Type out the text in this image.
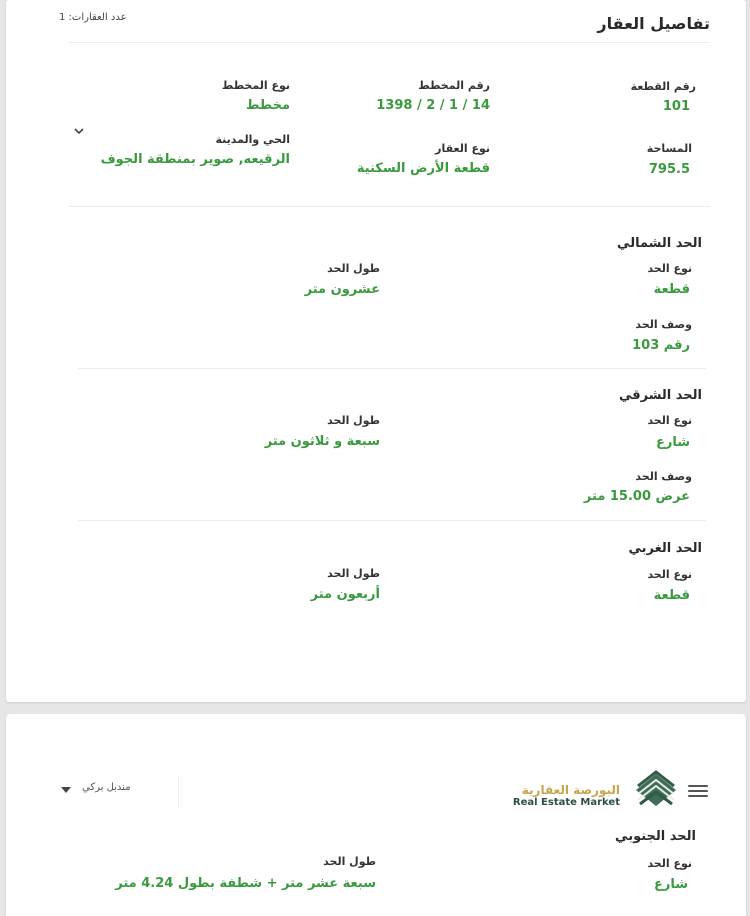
تفاصيل العقار
عدد العقارات: 1
رقم القطعة
101
رقم المخطط
1398 / 2 / 1 / 14
نوع المخطط
مخطط
المساحة
795.5
نوع العقار
قطعة الأرض السكنية
الحي والمدينة
الرقيعه, صوير بمنطقة الجوف
الحد الشمالي
نوع الحد
قطعة
طول الحد
عشرون متر
وصف الحد
رقم 103
الحد الشرقي
نوع الحد
شارع
طول الحد
سبعة و ثلاثون متر
وصف الحد
عرض 15.00 متر
الحد الغربي
نوع الحد
قطعة
طول الحد
أربعون متر
البورصة العقارية
Real Estate Market
مندبل بركي
الحد الجنوبي
نوع الحد
شارع
طول الحد
سبعة عشر متر + شطفة بطول 4.24 متر
